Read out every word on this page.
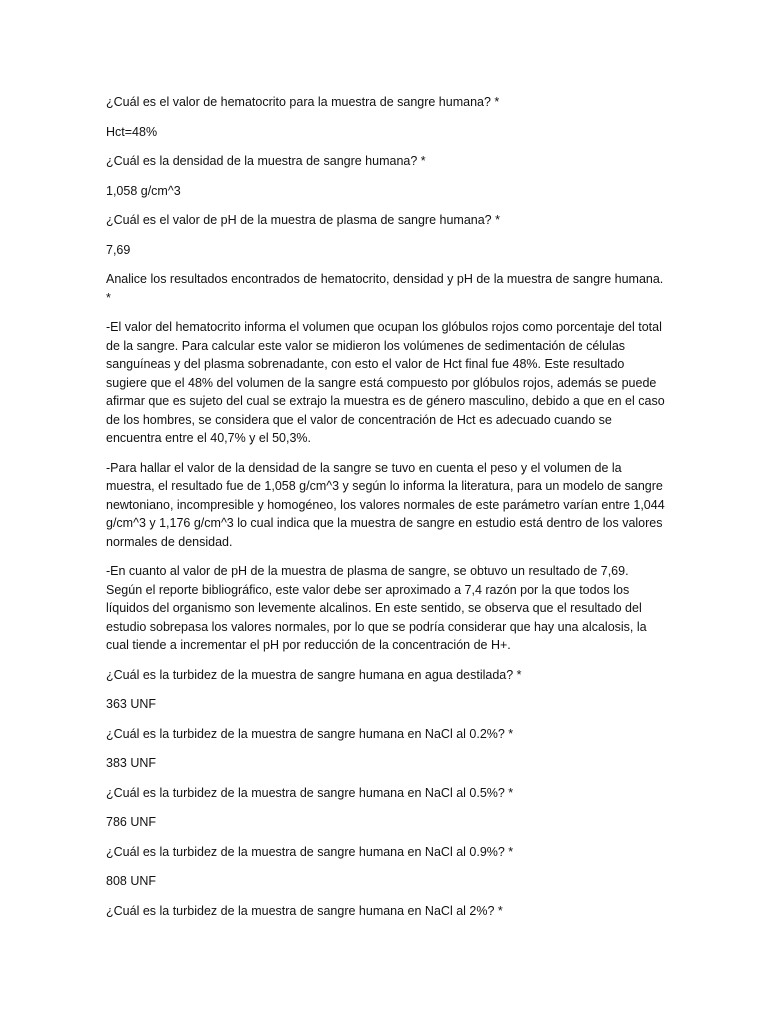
¿Cuál es el valor de hematocrito para la muestra de sangre humana? *

Hct=48%

¿Cuál es la densidad de la muestra de sangre humana? *

1,058 g/cm^3

¿Cuál es el valor de pH de la muestra de plasma de sangre humana? *

7,69

Analice los resultados encontrados de hematocrito, densidad y pH de la muestra de sangre humana. *

-El valor del hematocrito informa el volumen que ocupan los glóbulos rojos como porcentaje del total de la sangre. Para calcular este valor se midieron los volúmenes de sedimentación de células sanguíneas y del plasma sobrenadante, con esto el valor de Hct final fue 48%. Este resultado sugiere que el 48% del volumen de la sangre está compuesto por glóbulos rojos, además se puede afirmar que es sujeto del cual se extrajo la muestra es de género masculino, debido a que en el caso de los hombres, se considera que el valor de concentración de Hct es adecuado cuando se encuentra entre el 40,7% y el 50,3%.

-Para hallar el valor de la densidad de la sangre se tuvo en cuenta el peso y el volumen de la muestra, el resultado fue de 1,058 g/cm^3 y según lo informa la literatura, para un modelo de sangre newtoniano, incompresible y homogéneo, los valores normales de este parámetro varían entre 1,044 g/cm^3 y 1,176 g/cm^3 lo cual indica que la muestra de sangre en estudio está dentro de los valores normales de densidad.

-En cuanto al valor de pH de la muestra de plasma de sangre, se obtuvo un resultado de 7,69. Según el reporte bibliográfico, este valor debe ser aproximado a 7,4 razón por la que todos los líquidos del organismo son levemente alcalinos. En este sentido, se observa que el resultado del estudio sobrepasa los valores normales, por lo que se podría considerar que hay una alcalosis, la cual tiende a incrementar el pH por reducción de la concentración de H+.

¿Cuál es la turbidez de la muestra de sangre humana en agua destilada? *

363 UNF

¿Cuál es la turbidez de la muestra de sangre humana en NaCl al 0.2%? *

383 UNF

¿Cuál es la turbidez de la muestra de sangre humana en NaCl al 0.5%? *

786 UNF

¿Cuál es la turbidez de la muestra de sangre humana en NaCl al 0.9%? *

808 UNF

¿Cuál es la turbidez de la muestra de sangre humana en NaCl al 2%? *
